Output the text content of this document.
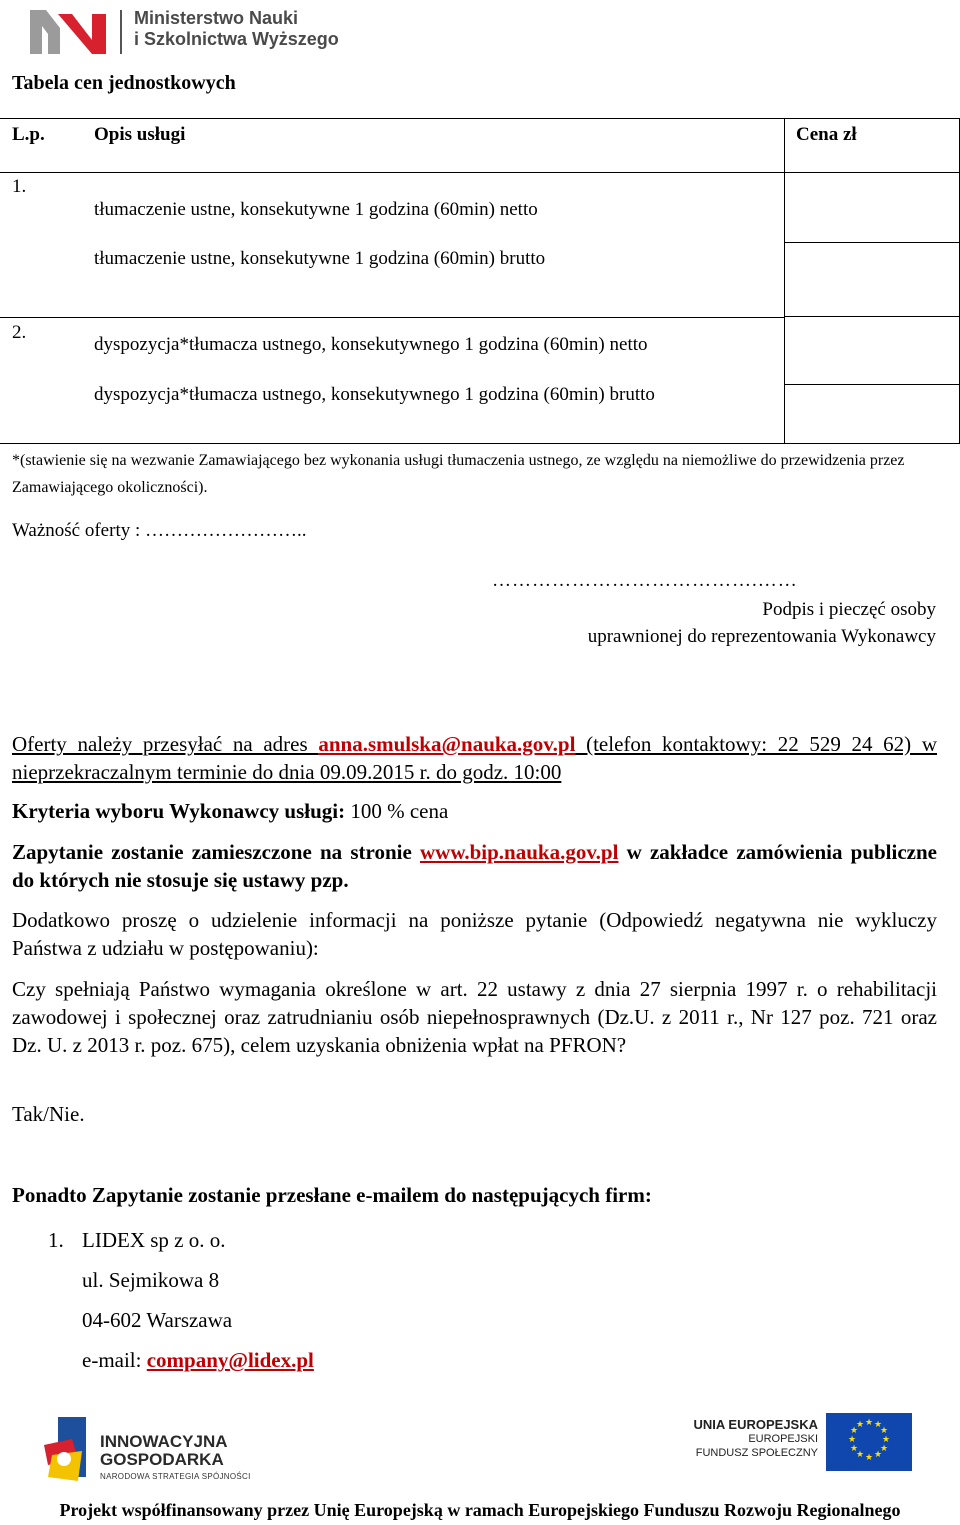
Ministerstwo Nauki
i Szkolnictwa Wyższego
Tabela cen jednostkowych
L.p.	Opis usługi	Cena zł
1.
tłumaczenie ustne, konsekutywne 1 godzina (60min) netto
tłumaczenie ustne, konsekutywne 1 godzina (60min) brutto
2.
dyspozycja*tłumacza ustnego, konsekutywnego 1 godzina (60min) netto
dyspozycja*tłumacza ustnego, konsekutywnego 1 godzina (60min) brutto
*(stawienie się na wezwanie Zamawiającego bez wykonania usługi tłumaczenia ustnego, ze względu na niemożliwe do przewidzenia przez Zamawiającego okoliczności).
Ważność oferty : ……………………..
………………………………….……
Podpis i pieczęć osoby
uprawnionej do reprezentowania Wykonawcy
Oferty należy przesyłać na adres anna.smulska@nauka.gov.pl (telefon kontaktowy: 22 529 24 62) w nieprzekraczalnym terminie do dnia 09.09.2015 r. do godz. 10:00
Kryteria wyboru Wykonawcy usługi: 100 % cena
Zapytanie zostanie zamieszczone na stronie www.bip.nauka.gov.pl w zakładce zamówienia publiczne do których nie stosuje się ustawy pzp.
Dodatkowo proszę o udzielenie informacji na poniższe pytanie (Odpowiedź negatywna nie wykluczy Państwa z udziału w postępowaniu):
Czy spełniają Państwo wymagania określone w art. 22 ustawy z dnia 27 sierpnia 1997 r. o rehabilitacji zawodowej i społecznej oraz zatrudnianiu osób niepełnosprawnych (Dz.U. z 2011 r., Nr 127 poz. 721 oraz Dz. U. z 2013 r. poz. 675), celem uzyskania obniżenia wpłat na PFRON?
Tak/Nie.
Ponadto Zapytanie zostanie przesłane e-mailem do następujących firm:
1. LIDEX sp z o. o.
ul. Sejmikowa 8
04-602 Warszawa
e-mail: company@lidex.pl
INNOWACYJNA
GOSPODARKA
NARODOWA STRATEGIA SPÓJNOŚCI
UNIA EUROPEJSKA
EUROPEJSKI
FUNDUSZ SPOŁECZNY
★ ★
★
★
★
★
★
★
★
★
★
★
Projekt współfinansowany przez Unię Europejską w ramach Europejskiego Funduszu Rozwoju Regionalnego
